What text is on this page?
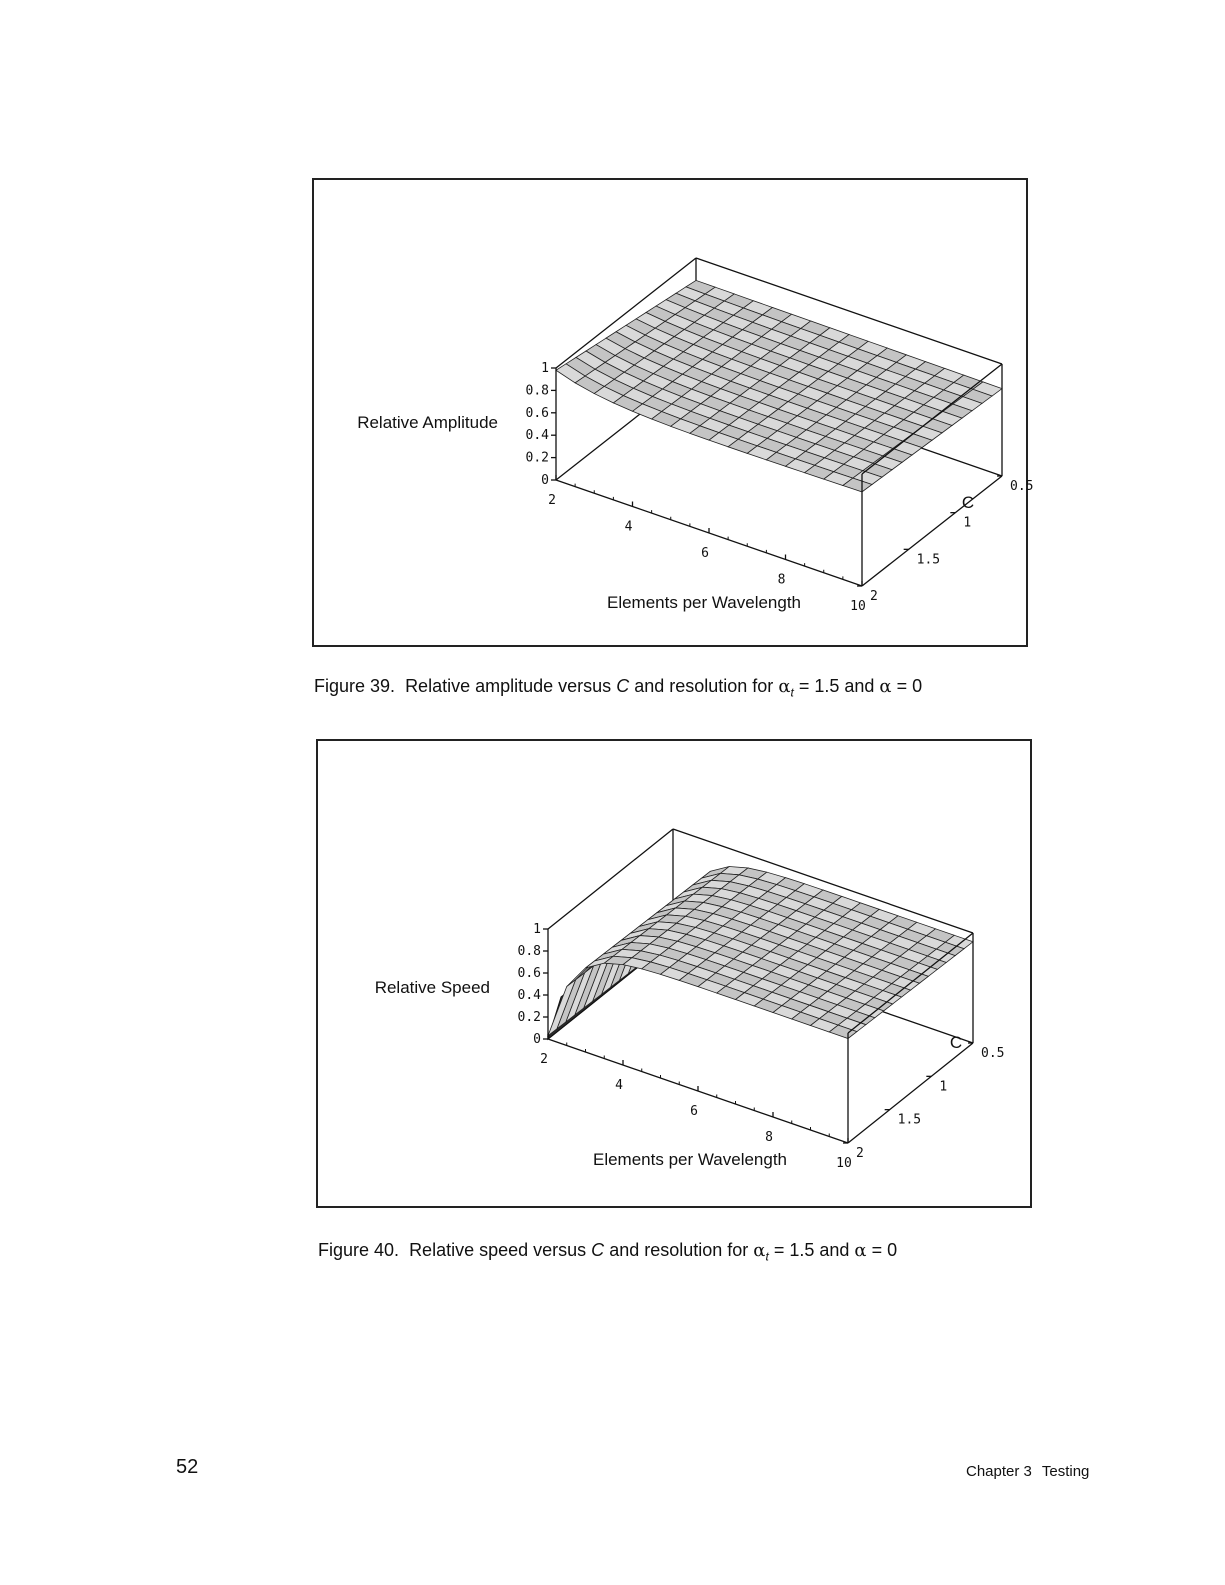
0
0.2
0.4
0.6
0.8
1
2
4
6
8
10
0.5
1
1.5
2
Relative Amplitude
Elements per Wavelength
C
Figure 39. Relative amplitude versus C and resolution for $\alpha_t = 1.5$ and α = 0
0
0.2
0.4
0.6
0.8
1
2
4
6
8
10
0.5
1
1.5
2
Relative Speed
Elements per Wavelength
C
Figure 40. Relative speed versus C and resolution for $\alpha_t = 1.5$ and α = 0
52	Chapter 3 Testing
